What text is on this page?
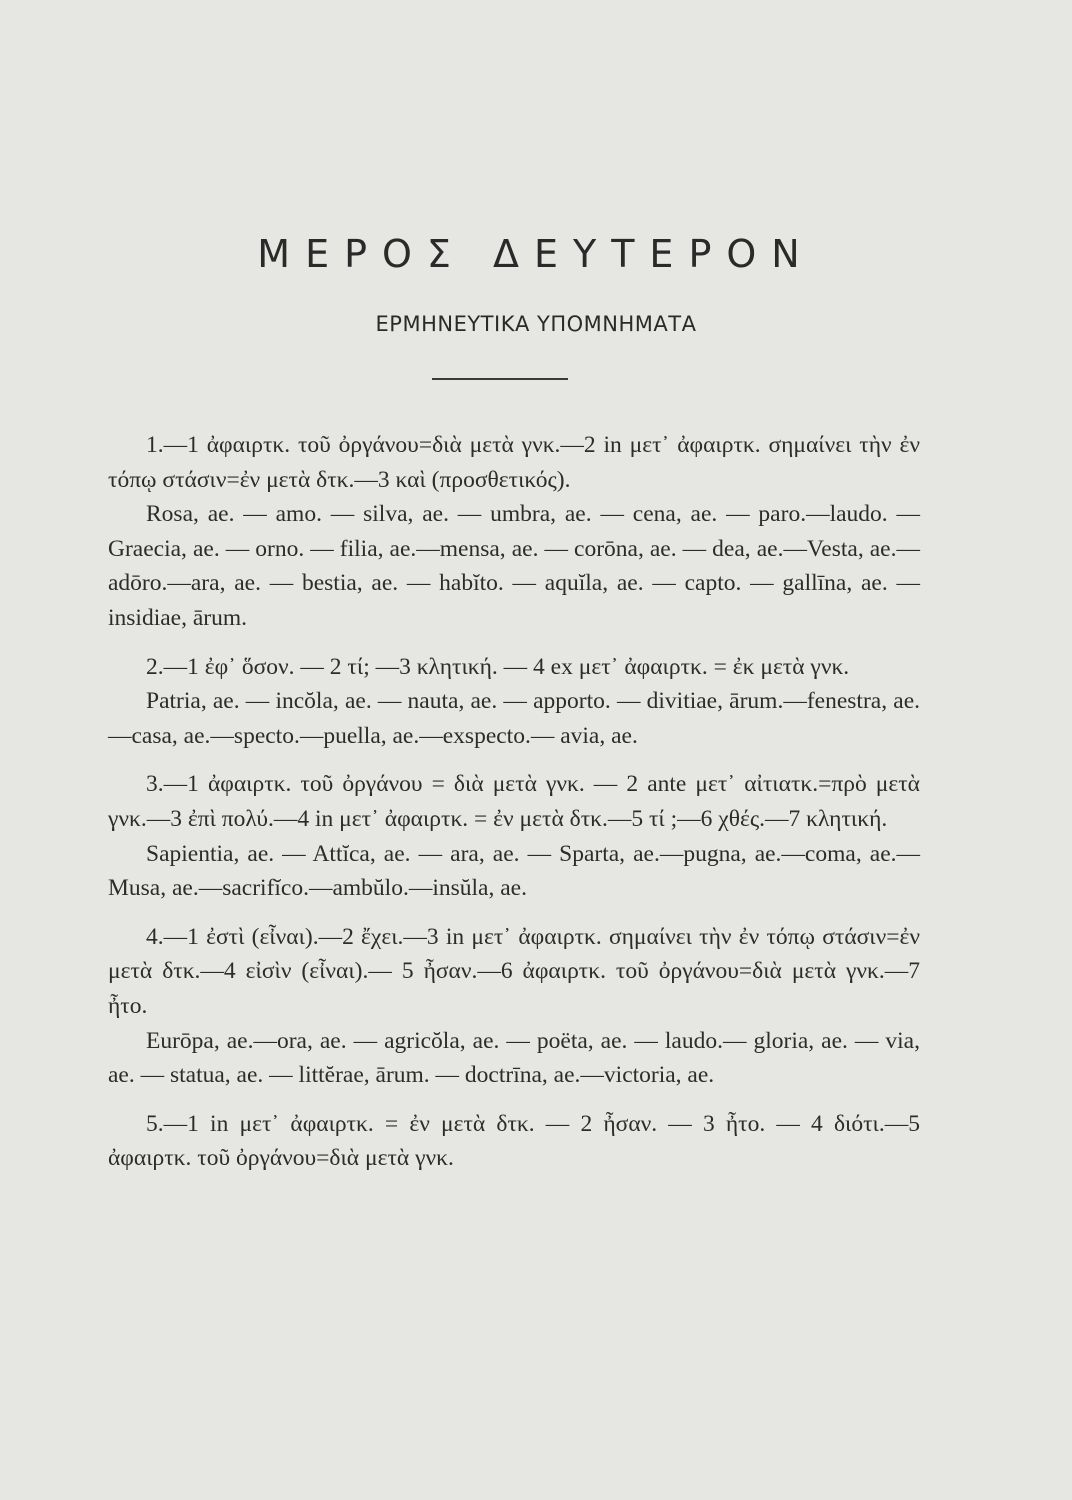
ΜΕΡΟΣ ΔΕΥΤΕΡΟΝ
ΕΡΜΗΝΕΥΤΙΚΑ ΥΠΟΜΝΗΜΑΤΑ

1.—1 ἀφαιρτκ. τοῦ ὀργάνου=διὰ μετὰ γνκ.—2 in μετ᾽ ἀφαιρτκ. σημαίνει τὴν ἐν τόπῳ στάσιν=ἐν μετὰ δτκ.—3 καὶ (προσθετικός).

Rosa, ae. — amo. — silva, ae. — umbra, ae. — cena, ae. — paro.—laudo. — Graecia, ae. — orno. — filia, ae.—mensa, ae. — corōna, ae. — dea, ae.—Vesta, ae.—adōro.—ara, ae. — bestia, ae. — habĭto. — aquĭla, ae. — capto. — gallīna, ae. — insidiae, ārum.

2.—1 ἐφ᾽ ὅσον. — 2 τί; —3 κλητική. — 4 ex μετ᾽ ἀφαιρτκ. = ἐκ μετὰ γνκ.

Patria, ae. — incŏla, ae. — nauta, ae. — apporto. — divitiae, ārum.—fenestra, ae.—casa, ae.—specto.—puella, ae.—exspecto.— avia, ae.

3.—1 ἀφαιρτκ. τοῦ ὀργάνου = διὰ μετὰ γνκ. — 2 ante μετ᾽ αἰτιατκ.=πρὸ μετὰ γνκ.—3 ἐπὶ πολύ.—4 in μετ᾽ ἀφαιρτκ. = ἐν μετὰ δτκ.—5 τί ;—6 χθές.—7 κλητική.

Sapientia, ae. — Attĭca, ae. — ara, ae. — Sparta, ae.—pugna, ae.—coma, ae.—Musa, ae.—sacrifĭco.—ambŭlo.—insŭla, ae.

4.—1 ἐστὶ (εἶναι).—2 ἔχει.—3 in μετ᾽ ἀφαιρτκ. σημαίνει τὴν ἐν τόπῳ στάσιν=ἐν μετὰ δτκ.—4 εἰσὶν (εἶναι).— 5 ἦσαν.—6 ἀφαιρτκ. τοῦ ὀργάνου=διὰ μετὰ γνκ.—7 ἦτο.

Eurōpa, ae.—ora, ae. — agricŏla, ae. — poëta, ae. — laudo.— gloria, ae. — via, ae. — statua, ae. — littĕrae, ārum. — doctrīna, ae.—victoria, ae.

5.—1 in μετ᾽ ἀφαιρτκ. = ἐν μετὰ δτκ. — 2 ἦσαν. — 3 ἦτο. — 4 διότι.—5 ἀφαιρτκ. τοῦ ὀργάνου=διὰ μετὰ γνκ.
